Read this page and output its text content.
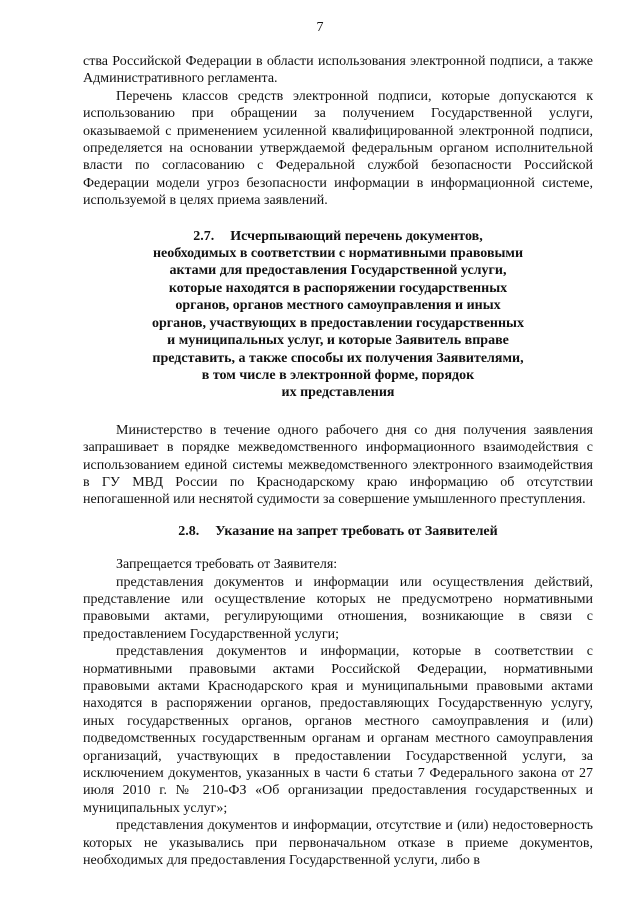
7

ства Российской Федерации в области использования электронной подписи, а также Административного регламента.

Перечень классов средств электронной подписи, которые допускаются к использованию при обращении за получением Государственной услуги, оказываемой с применением усиленной квалифицированной электронной подписи, определяется на основании утверждаемой федеральным органом исполнительной власти по согласованию с Федеральной службой безопасности Российской Федерации модели угроз безопасности информации в информационной системе, используемой в целях приема заявлений.

2.7. Исчерпывающий перечень документов,
необходимых в соответствии с нормативными правовыми
актами для предоставления Государственной услуги,
которые находятся в распоряжении государственных
органов, органов местного самоуправления и иных
органов, участвующих в предоставлении государственных
и муниципальных услуг, и которые Заявитель вправе
представить, а также способы их получения Заявителями,
в том числе в электронной форме, порядок
их представления

Министерство в течение одного рабочего дня со дня получения заявления запрашивает в порядке межведомственного информационного взаимодействия с использованием единой системы межведомственного электронного взаимодействия в ГУ МВД России по Краснодарскому краю информацию об отсутствии непогашенной или неснятой судимости за совершение умышленного преступления.

2.8. Указание на запрет требовать от Заявителей

Запрещается требовать от Заявителя:

представления документов и информации или осуществления действий, представление или осуществление которых не предусмотрено нормативными правовыми актами, регулирующими отношения, возникающие в связи с предоставлением Государственной услуги;

представления документов и информации, которые в соответствии с нормативными правовыми актами Российской Федерации, нормативными правовыми актами Краснодарского края и муниципальными правовыми актами находятся в распоряжении органов, предоставляющих Государственную услугу, иных государственных органов, органов местного самоуправления и (или) подведомственных государственным органам и органам местного самоуправления организаций, участвующих в предоставлении Государственной услуги, за исключением документов, указанных в части 6 статьи 7 Федерального закона от 27 июля 2010 г. № 210-ФЗ «Об организации предоставления государственных и муниципальных услуг»;

представления документов и информации, отсутствие и (или) недостоверность которых не указывались при первоначальном отказе в приеме документов, необходимых для предоставления Государственной услуги, либо в
